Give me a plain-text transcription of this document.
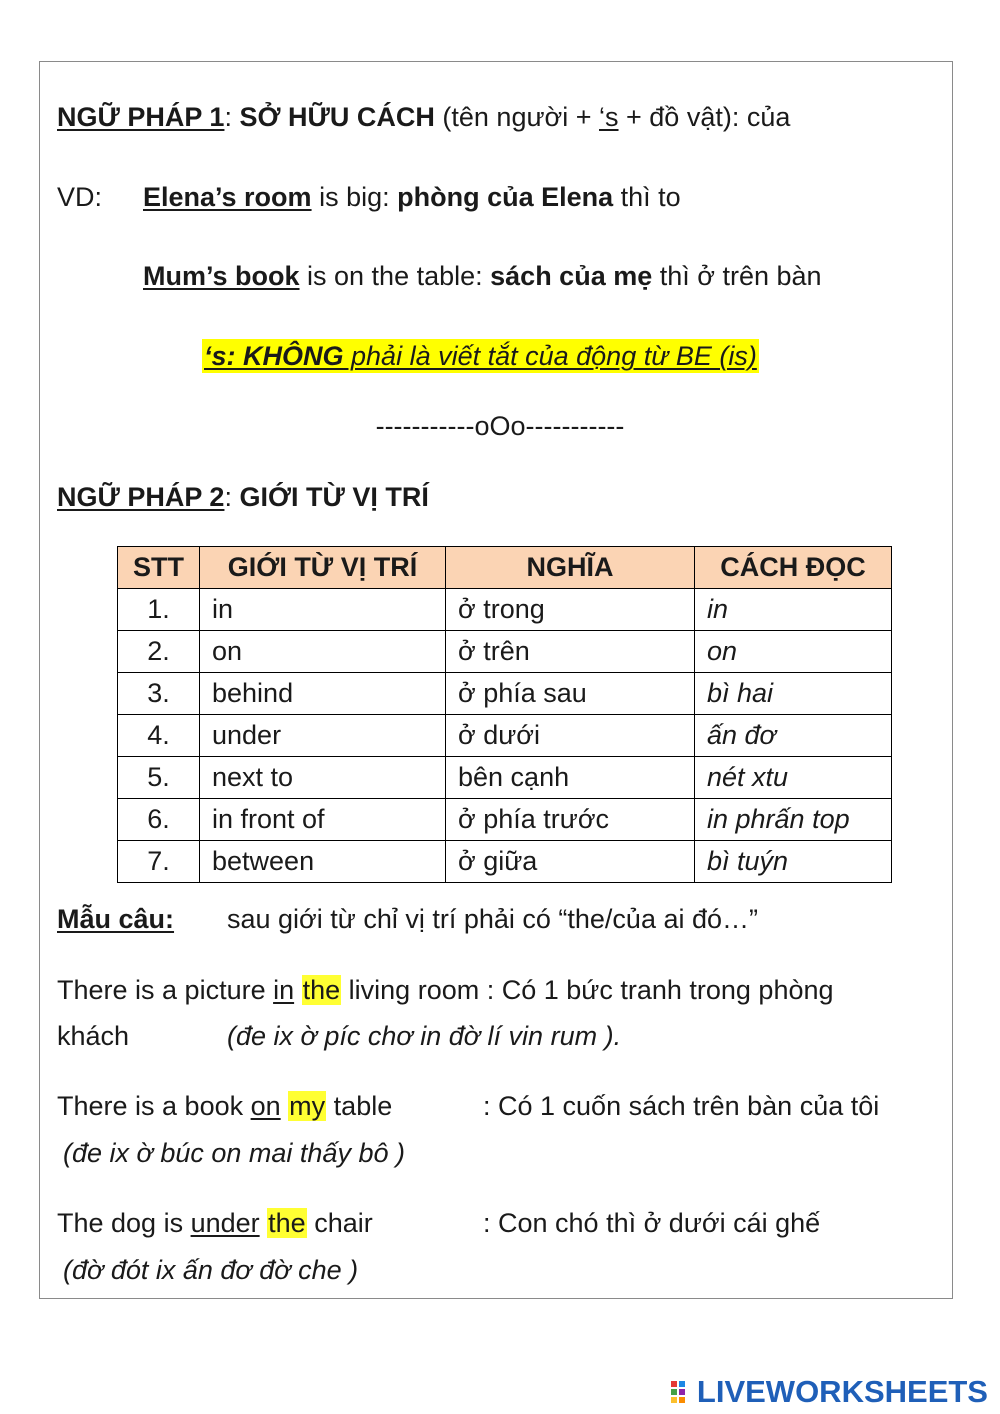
NGỮ PHÁP 1: SỞ HỮU CÁCH (tên người + ‘s + đồ vật): của
VD: Elena’s room is big: phòng của Elena thì to
Mum’s book is on the table: sách của mẹ thì ở trên bàn
‘s: KHÔNG phải là viết tắt của động từ BE (is)
-----------oOo-----------
NGỮ PHÁP 2: GIỚI TỪ VỊ TRÍ
STT	GIỚI TỪ VỊ TRÍ	NGHĨA	CÁCH ĐỌC
1.	in	ở trong	in
2.	on	ở trên	on
3.	behind	ở phía sau	bì hai
4.	under	ở dưới	ấn đơ
5.	next to	bên cạnh	nét xtu
6.	in front of	ở phía trước	in phrấn top
7.	between	ở giữa	bì tuýn
Mẫu câu: sau giới từ chỉ vị trí phải có “the/của ai đó…”
There is a picture in the living room : Có 1 bức tranh trong phòng
khách	(đe ix ờ píc chơ in đờ lí vin rum ).
There is a book on my table	: Có 1 cuốn sách trên bàn của tôi
(đe ix ờ búc on mai thấy bô )
The dog is under the chair	: Con chó thì ở dưới cái ghế
(đờ đót ix ấn đơ đờ che )
LIVEWORKSHEETS
